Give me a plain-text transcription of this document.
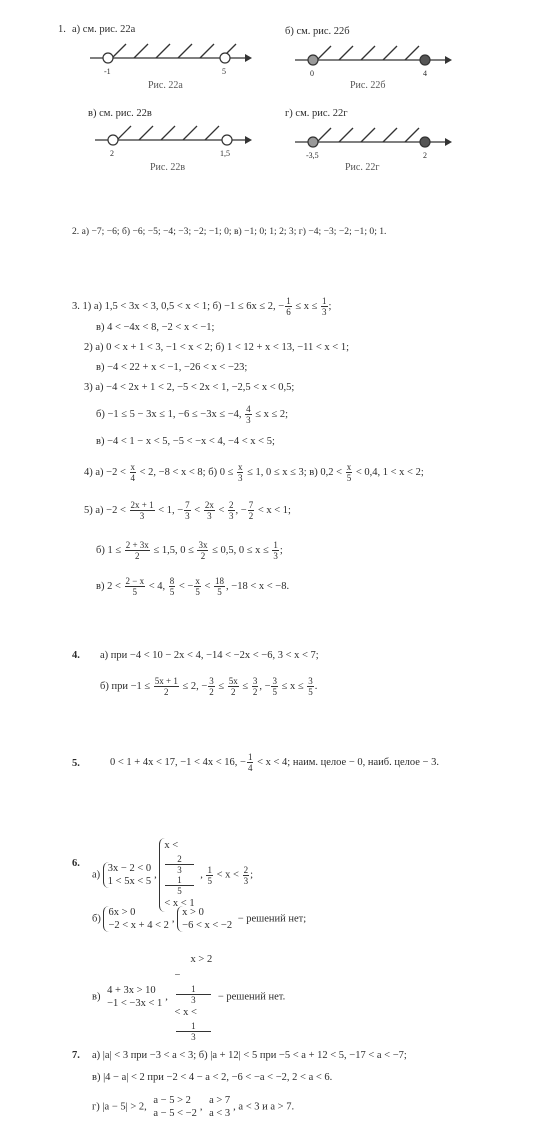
1. а) см. рис. 22а	б) см. рис. 22б
-1	5
Рис. 22а
0	4
Рис. 22б
в) см. рис. 22в	г) см. рис. 22г
2	1,5
Рис. 22в
-3,5	2
Рис. 22г
2. а) −7; −6; б) −6; −5; −4; −3; −2; −1; 0; в) −1; 0; 1; 2; 3; г) −4; −3; −2; −1; 0; 1.
3. 1) а) 1,5 < 3x < 3, 0,5 < x < 1; б) −1 ≤ 6x ≤ 2, − $\frac{1}{6} \le x \le \frac{1}{3}$ ;
в) 4 < −4x < 8, −2 < x < −1;
2) а) 0 < x + 1 < 3, −1 < x < 2; б) 1 < 12 + x < 13, −11 < x < 1;
в) −4 < 22 + x < −1, −26 < x < −23;
3) а) −4 < 2x + 1 < 2, −5 < 2x < 1, −2,5 < x < 0,5;
б) −1 ≤ 5 − 3x ≤ 1, −6 ≤ −3x ≤ −4, $\frac{4}{3} \le x \le 2$;
в) −4 < 1 − x < 5, −5 < −x < 4, −4 < x < 5;
4) $а) -2 < \frac{x}{4} < 2$, −8 < x < 8; б) $0 \le \frac{x}{3} \le 1$, 0 ≤ x ≤ 3; в) $0,2 < \frac{x}{5} < 0,4$, 1 < x < 2;
5) $а) -2 < \frac{2x + 1}{3} < 1$, − $\frac{7}{3} < \frac{2x}{3} < \frac{2}{3}$ , − $\frac{7}{2} < x < 1$;
б) $1 \le \frac{2 + 3x}{2} \le 1,5$, $0 \le \frac{3x}{2} \le 0,5$, $0 \le x \le \frac{1}{3}$ ;
в) $2 < \frac{2 - x}{5} < 4$, $\frac{8}{5}$ < − $\frac{x}{5} < \frac{18}{5}$ , −18 < x < −8.
4. а) при −4 < 10 − 2x < 4, −14 < −2x < −6, 3 < x < 7;
б) при $-1 \le \frac{5x + 1}{2} \le 2$, − $\frac{3}{2} \le \frac{5x}{2} \le \frac{3}{2}$ , − $\frac{3}{5} \le x \le \frac{3}{5}$ .
5.	0 < 1 + 4x < 17, −1 < 4x < 16, − $\frac{1}{4} < x < 4$; наим. целое − 0, наиб. целое − 3.
6.
а)
3x − 2 < 0
1 < 5x < 5
,
x <
2
3
1
5
< x < 1
, $\frac{1}{5} < x < \frac{2}{3}$ ;
б)
6x > 0
−2 < x + 4 < 2
,
x > 0
−6 < x < −2
− решений нет;
в)
4 + 3x > 10
−1 < −3x < 1
,
x > 2
−
1
3
< x <
1
3
− решений нет.
7. а) |a| < 3 при −3 < a < 3; б) |a + 12| < 5 при −5 < a + 12 < 5, −17 < a < −7;
в) |4 − a| < 2 при −2 < 4 − a < 2, −6 < −a < −2, 2 < a < 6.
г) |a − 5| > 2,
a − 5 > 2
a − 5 < −2
,
a > 7
a < 3
, a < 3 и a > 7.
